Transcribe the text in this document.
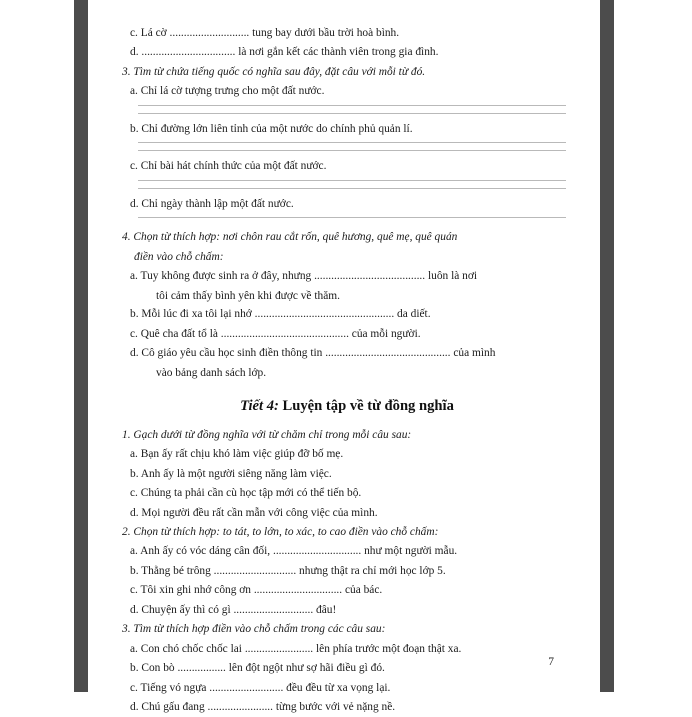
c. Lá cờ ............................ tung bay dưới bầu trời hoà bình.
d. ................................. là nơi gắn kết các thành viên trong gia đình.
3. Tìm từ chứa tiếng quốc có nghĩa sau đây, đặt câu với mỗi từ đó.
a. Chỉ lá cờ tượng trưng cho một đất nước.
b. Chỉ đường lớn liên tỉnh của một nước do chính phủ quản lí.
c. Chỉ bài hát chính thức của một đất nước.
d. Chỉ ngày thành lập một đất nước.
4. Chọn từ thích hợp: nơi chôn rau cắt rốn, quê hương, quê mẹ, quê quán
điền vào chỗ chấm:
a. Tuy không được sinh ra ở đây, nhưng ....................................... luôn là nơi
tôi cảm thấy bình yên khi được về thăm.
b. Mỗi lúc đi xa tôi lại nhớ ................................................. da diết.
c. Quê cha đất tổ là ............................................. của mỗi người.
d. Cô giáo yêu cầu học sinh điền thông tin ............................................ của mình
vào bảng danh sách lớp.
Tiết 4: Luyện tập về từ đồng nghĩa
1. Gạch dưới từ đồng nghĩa với từ chăm chỉ trong mỗi câu sau:
a. Bạn ấy rất chịu khó làm việc giúp đỡ bố mẹ.
b. Anh ấy là một người siêng năng làm việc.
c. Chúng ta phải cần cù học tập mới có thể tiến bộ.
d. Mọi người đều rất cần mẫn với công việc của mình.
2. Chọn từ thích hợp: to tát, to lớn, to xác, to cao điền vào chỗ chấm:
a. Anh ấy có vóc dáng cân đối, ............................... như một người mẫu.
b. Thằng bé trông ............................. nhưng thật ra chỉ mới học lớp 5.
c. Tôi xin ghi nhớ công ơn ............................... của bác.
d. Chuyện ấy thì có gì ............................ đâu!
3. Tìm từ thích hợp điền vào chỗ chấm trong các câu sau:
a. Con chó chốc chốc lai ........................ lên phía trước một đoạn thật xa.
b. Con bò ................. lên đột ngột như sợ hãi điều gì đó.
c. Tiếng vó ngựa .......................... đều đều từ xa vọng lại.
d. Chú gấu đang ....................... từng bước với vẻ nặng nề.
7
